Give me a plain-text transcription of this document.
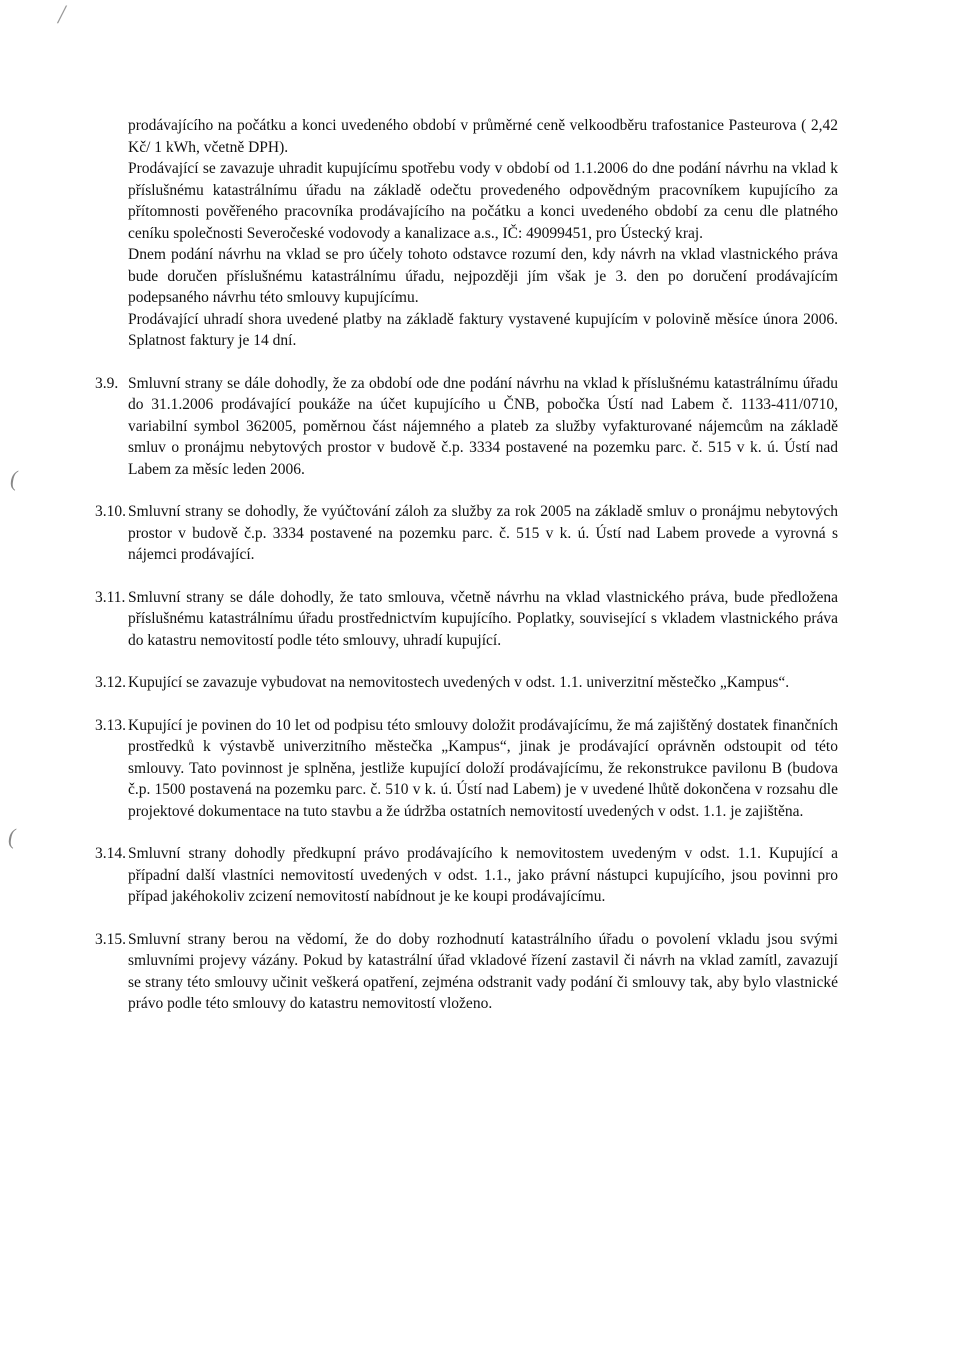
/
(
(

prodávajícího na počátku a konci uvedeného období v průměrné ceně velkoodběru trafostanice Pasteurova ( 2,42 Kč/ 1 kWh, včetně DPH).

Prodávající se zavazuje uhradit kupujícímu spotřebu vody v období od 1.1.2006 do dne podání návrhu na vklad k příslušnému katastrálnímu úřadu na základě odečtu provedeného odpovědným pracovníkem kupujícího za přítomnosti pověřeného pracovníka prodávajícího na počátku a konci uvedeného období za cenu dle platného ceníku společnosti Severočeské vodovody a kanalizace a.s., IČ: 49099451, pro Ústecký kraj.

Dnem podání návrhu na vklad se pro účely tohoto odstavce rozumí den, kdy návrh na vklad vlastnického práva bude doručen příslušnému katastrálnímu úřadu, nejpozději jím však je 3. den po doručení prodávajícím podepsaného návrhu této smlouvy kupujícímu.

Prodávající uhradí shora uvedené platby na základě faktury vystavené kupujícím v polovině měsíce února 2006. Splatnost faktury je 14 dní.

3.9. Smluvní strany se dále dohodly, že za období ode dne podání návrhu na vklad k příslušnému katastrálnímu úřadu do 31.1.2006 prodávající poukáže na účet kupujícího u ČNB, pobočka Ústí nad Labem č. 1133-411/0710, variabilní symbol 362005, poměrnou část nájemného a plateb za služby vyfakturované nájemcům na základě smluv o pronájmu nebytových prostor v budově č.p. 3334 postavené na pozemku parc. č. 515 v k. ú. Ústí nad Labem za měsíc leden 2006.

3.10. Smluvní strany se dohodly, že vyúčtování záloh za služby za rok 2005 na základě smluv o pronájmu nebytových prostor v budově č.p. 3334 postavené na pozemku parc. č. 515 v k. ú. Ústí nad Labem provede a vyrovná s nájemci prodávající.

3.11. Smluvní strany se dále dohodly, že tato smlouva, včetně návrhu na vklad vlastnického práva, bude předložena příslušnému katastrálnímu úřadu prostřednictvím kupujícího. Poplatky, související s vkladem vlastnického práva do katastru nemovitostí podle této smlouvy, uhradí kupující.

3.12. Kupující se zavazuje vybudovat na nemovitostech uvedených v odst. 1.1. univerzitní městečko „Kampus“.

3.13. Kupující je povinen do 10 let od podpisu této smlouvy doložit prodávajícímu, že má zajištěný dostatek finančních prostředků k výstavbě univerzitního městečka „Kampus“, jinak je prodávající oprávněn odstoupit od této smlouvy. Tato povinnost je splněna, jestliže kupující doloží prodávajícímu, že rekonstrukce pavilonu B (budova č.p. 1500 postavená na pozemku parc. č. 510 v k. ú. Ústí nad Labem) je v uvedené lhůtě dokončena v rozsahu dle projektové dokumentace na tuto stavbu a že údržba ostatních nemovitostí uvedených v odst. 1.1. je zajištěna.

3.14. Smluvní strany dohodly předkupní právo prodávajícího k nemovitostem uvedeným v odst. 1.1. Kupující a případní další vlastníci nemovitostí uvedených v odst. 1.1., jako právní nástupci kupujícího, jsou povinni pro případ jakéhokoliv zcizení nemovitostí nabídnout je ke koupi prodávajícímu.

3.15. Smluvní strany berou na vědomí, že do doby rozhodnutí katastrálního úřadu o povolení vkladu jsou svými smluvními projevy vázány. Pokud by katastrální úřad vkladové řízení zastavil či návrh na vklad zamítl, zavazují se strany této smlouvy učinit veškerá opatření, zejména odstranit vady podání či smlouvy tak, aby bylo vlastnické právo podle této smlouvy do katastru nemovitostí vloženo.
